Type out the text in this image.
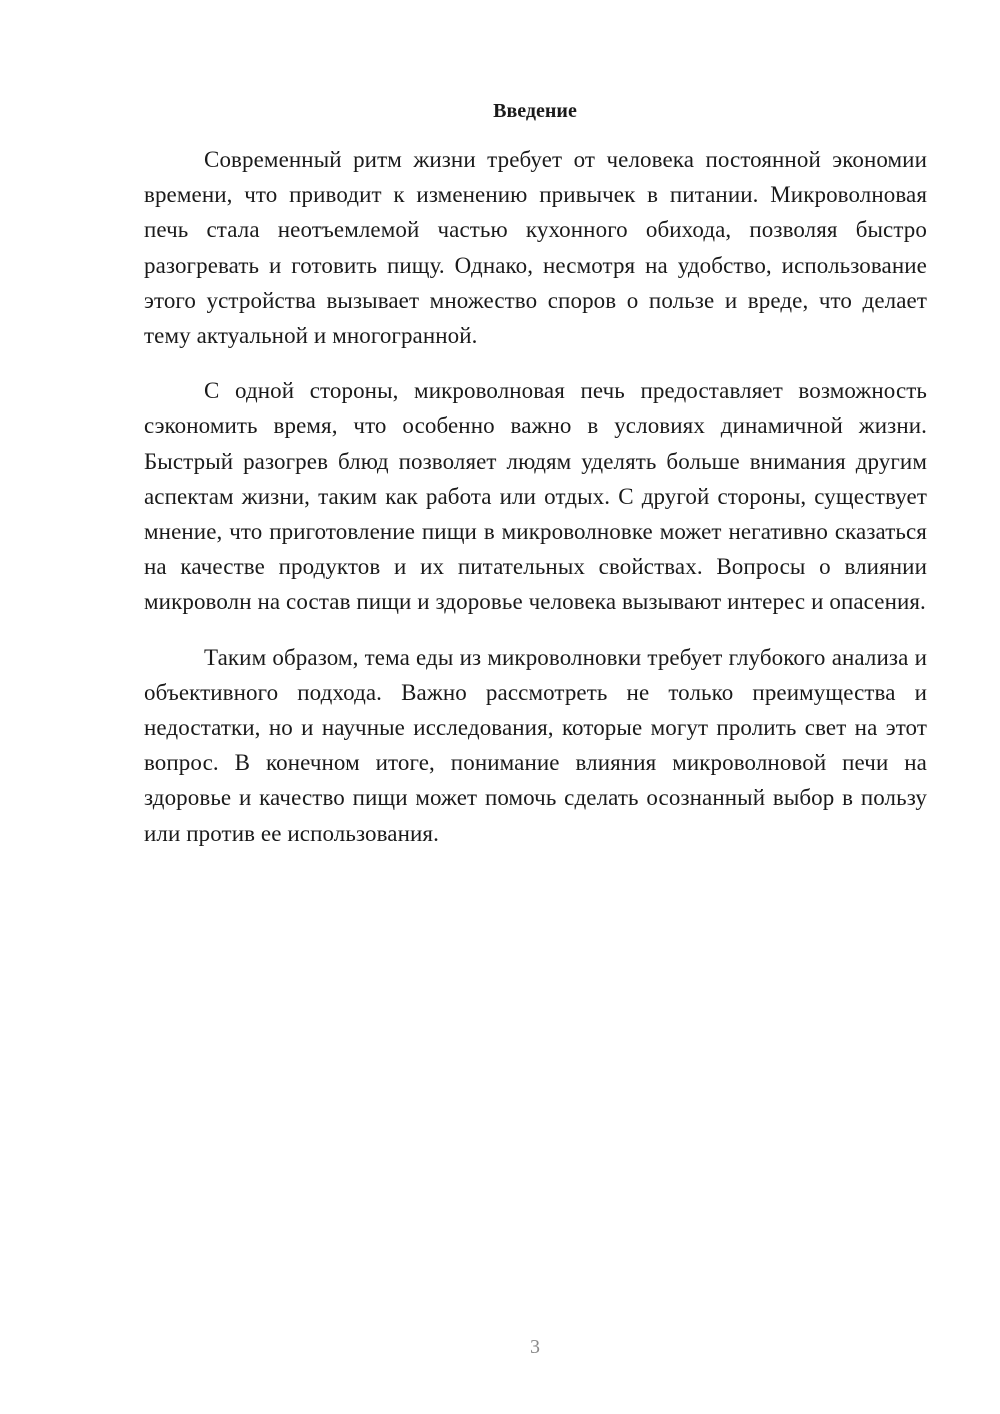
Введение

Современный ритм жизни требует от человека постоянной экономии времени, что приводит к изменению привычек в питании. Микроволновая печь стала неотъемлемой частью кухонного обихода, позволяя быстро разогревать и готовить пищу. Однако, несмотря на удобство, использование этого устройства вызывает множество споров о пользе и вреде, что делает тему актуальной и многогранной.

С одной стороны, микроволновая печь предоставляет возможность сэкономить время, что особенно важно в условиях динамичной жизни. Быстрый разогрев блюд позволяет людям уделять больше внимания другим аспектам жизни, таким как работа или отдых. С другой стороны, существует мнение, что приготовление пищи в микроволновке может негативно сказаться на качестве продуктов и их питательных свойствах. Вопросы о влиянии микроволн на состав пищи и здоровье человека вызывают интерес и опасения.

Таким образом, тема еды из микроволновки требует глубокого анализа и объективного подхода. Важно рассмотреть не только преимущества и недостатки, но и научные исследования, которые могут пролить свет на этот вопрос. В конечном итоге, понимание влияния микроволновой печи на здоровье и качество пищи может помочь сделать осознанный выбор в пользу или против ее использования.

3
